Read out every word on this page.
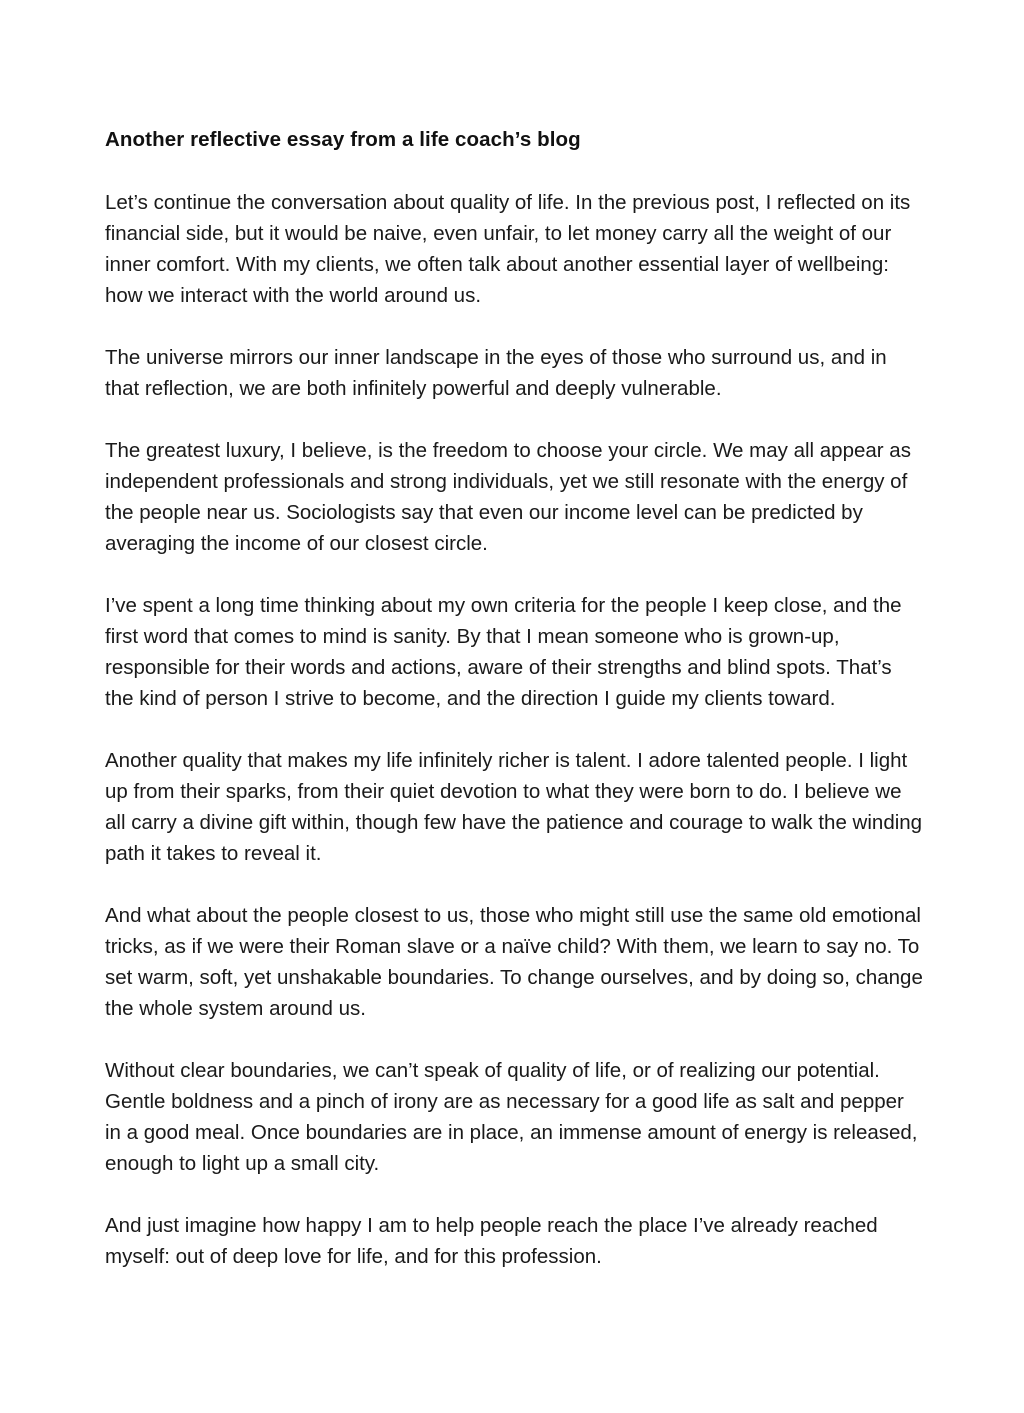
Another reflective essay from a life coach’s blog

Let’s continue the conversation about quality of life. In the previous post, I reflected on its financial side, but it would be naive, even unfair, to let money carry all the weight of our inner comfort. With my clients, we often talk about another essential layer of wellbeing: how we interact with the world around us.

The universe mirrors our inner landscape in the eyes of those who surround us, and in that reflection, we are both infinitely powerful and deeply vulnerable.

The greatest luxury, I believe, is the freedom to choose your circle. We may all appear as independent professionals and strong individuals, yet we still resonate with the energy of the people near us. Sociologists say that even our income level can be predicted by averaging the income of our closest circle.

I’ve spent a long time thinking about my own criteria for the people I keep close, and the first word that comes to mind is sanity. By that I mean someone who is grown-up, responsible for their words and actions, aware of their strengths and blind spots. That’s the kind of person I strive to become, and the direction I guide my clients toward.

Another quality that makes my life infinitely richer is talent. I adore talented people. I light up from their sparks, from their quiet devotion to what they were born to do. I believe we all carry a divine gift within, though few have the patience and courage to walk the winding path it takes to reveal it.

And what about the people closest to us, those who might still use the same old emotional tricks, as if we were their Roman slave or a naïve child? With them, we learn to say no. To set warm, soft, yet unshakable boundaries. To change ourselves, and by doing so, change the whole system around us.

Without clear boundaries, we can’t speak of quality of life, or of realizing our potential. Gentle boldness and a pinch of irony are as necessary for a good life as salt and pepper in a good meal. Once boundaries are in place, an immense amount of energy is released, enough to light up a small city.

And just imagine how happy I am to help people reach the place I’ve already reached myself: out of deep love for life, and for this profession.
